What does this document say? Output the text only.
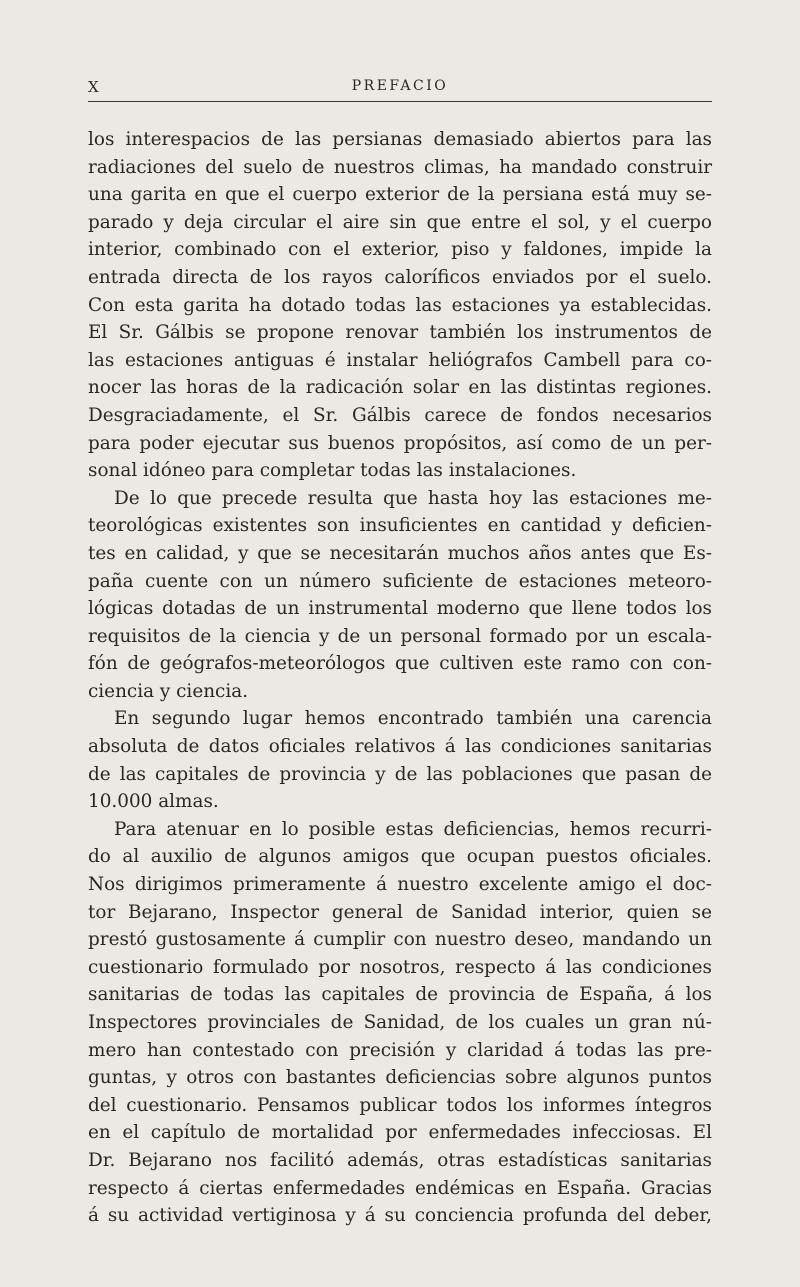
X	PREFACIO
los interespacios de las persianas demasiado abiertos para las
radiaciones del suelo de nuestros climas, ha mandado construir
una garita en que el cuerpo exterior de la persiana está muy se-
parado y deja circular el aire sin que entre el sol, y el cuerpo
interior, combinado con el exterior, piso y faldones, impide la
entrada directa de los rayos caloríficos enviados por el suelo.
Con esta garita ha dotado todas las estaciones ya establecidas.
El Sr. Gálbis se propone renovar también los instrumentos de
las estaciones antiguas é instalar heliógrafos Cambell para co-
nocer las horas de la radicación solar en las distintas regiones.
Desgraciadamente, el Sr. Gálbis carece de fondos necesarios
para poder ejecutar sus buenos propósitos, así como de un per-
sonal idóneo para completar todas las instalaciones.
De lo que precede resulta que hasta hoy las estaciones me-
teorológicas existentes son insuficientes en cantidad y deficien-
tes en calidad, y que se necesitarán muchos años antes que Es-
paña cuente con un número suficiente de estaciones meteoro-
lógicas dotadas de un instrumental moderno que llene todos los
requisitos de la ciencia y de un personal formado por un escala-
fón de geógrafos-meteorólogos que cultiven este ramo con con-
ciencia y ciencia.
En segundo lugar hemos encontrado también una carencia
absoluta de datos oficiales relativos á las condiciones sanitarias
de las capitales de provincia y de las poblaciones que pasan de
10.000 almas.
Para atenuar en lo posible estas deficiencias, hemos recurri-
do al auxilio de algunos amigos que ocupan puestos oficiales.
Nos dirigimos primeramente á nuestro excelente amigo el doc-
tor Bejarano, Inspector general de Sanidad interior, quien se
prestó gustosamente á cumplir con nuestro deseo, mandando un
cuestionario formulado por nosotros, respecto á las condiciones
sanitarias de todas las capitales de provincia de España, á los
Inspectores provinciales de Sanidad, de los cuales un gran nú-
mero han contestado con precisión y claridad á todas las pre-
guntas, y otros con bastantes deficiencias sobre algunos puntos
del cuestionario. Pensamos publicar todos los informes íntegros
en el capítulo de mortalidad por enfermedades infecciosas. El
Dr. Bejarano nos facilitó además, otras estadísticas sanitarias
respecto á ciertas enfermedades endémicas en España. Gracias
á su actividad vertiginosa y á su conciencia profunda del deber,
